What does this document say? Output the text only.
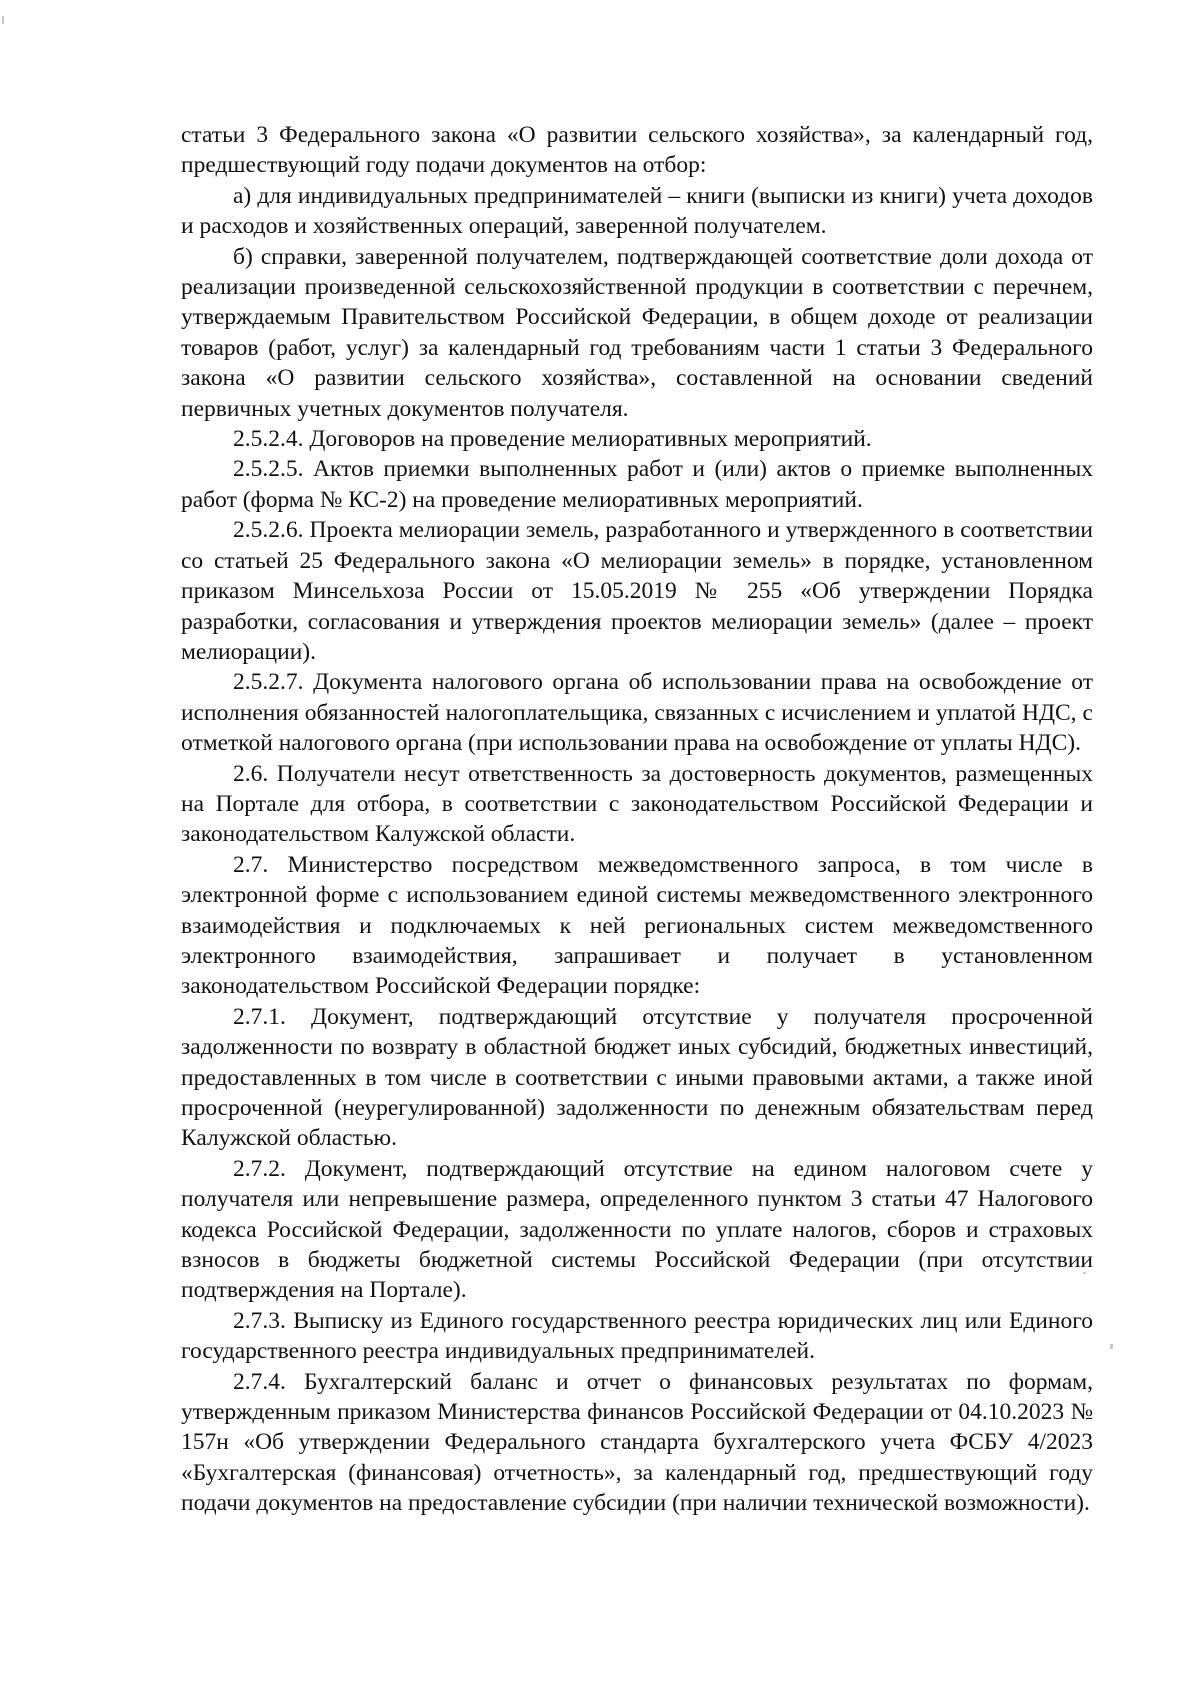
статьи 3 Федерального закона «О развитии сельского хозяйства», за календарный год, предшествующий году подачи документов на отбор:

а) для индивидуальных предпринимателей – книги (выписки из книги) учета доходов и расходов и хозяйственных операций, заверенной получателем.

б) справки, заверенной получателем, подтверждающей соответствие доли дохода от реализации произведенной сельскохозяйственной продукции в соответствии с перечнем, утверждаемым Правительством Российской Федерации, в общем доходе от реализации товаров (работ, услуг) за календарный год требованиям части 1 статьи 3 Федерального закона «О развитии сельского хозяйства», составленной на основании сведений первичных учетных документов получателя.

2.5.2.4. Договоров на проведение мелиоративных мероприятий.

2.5.2.5. Актов приемки выполненных работ и (или) актов о приемке выполненных работ (форма № КС-2) на проведение мелиоративных мероприятий.

2.5.2.6. Проекта мелиорации земель, разработанного и утвержденного в соответствии со статьей 25 Федерального закона «О мелиорации земель» в порядке, установленном приказом Минсельхоза России от 15.05.2019 № 255 «Об утверждении Порядка разработки, согласования и утверждения проектов мелиорации земель» (далее – проект мелиорации).

2.5.2.7. Документа налогового органа об использовании права на освобождение от исполнения обязанностей налогоплательщика, связанных с исчислением и уплатой НДС, с отметкой налогового органа (при использовании права на освобождение от уплаты НДС).

2.6. Получатели несут ответственность за достоверность документов, размещенных на Портале для отбора, в соответствии с законодательством Российской Федерации и законодательством Калужской области.

2.7. Министерство посредством межведомственного запроса, в том числе в электронной форме с использованием единой системы межведомственного электронного взаимодействия и подключаемых к ней региональных систем межведомственного электронного взаимодействия, запрашивает и получает в установленном законодательством Российской Федерации порядке:

2.7.1. Документ, подтверждающий отсутствие у получателя просроченной задолженности по возврату в областной бюджет иных субсидий, бюджетных инвестиций, предоставленных в том числе в соответствии с иными правовыми актами, а также иной просроченной (неурегулированной) задолженности по денежным обязательствам перед Калужской областью.

2.7.2. Документ, подтверждающий отсутствие на едином налоговом счете у получателя или непревышение размера, определенного пунктом 3 статьи 47 Налогового кодекса Российской Федерации, задолженности по уплате налогов, сборов и страховых взносов в бюджеты бюджетной системы Российской Федерации (при отсутствии подтверждения на Портале).

2.7.3. Выписку из Единого государственного реестра юридических лиц или Единого государственного реестра индивидуальных предпринимателей.

2.7.4. Бухгалтерский баланс и отчет о финансовых результатах по формам, утвержденным приказом Министерства финансов Российской Федерации от 04.10.2023 № 157н «Об утверждении Федерального стандарта бухгалтерского учета ФСБУ 4/2023 «Бухгалтерская (финансовая) отчетность», за календарный год, предшествующий году подачи документов на предоставление субсидии (при наличии технической возможности).
